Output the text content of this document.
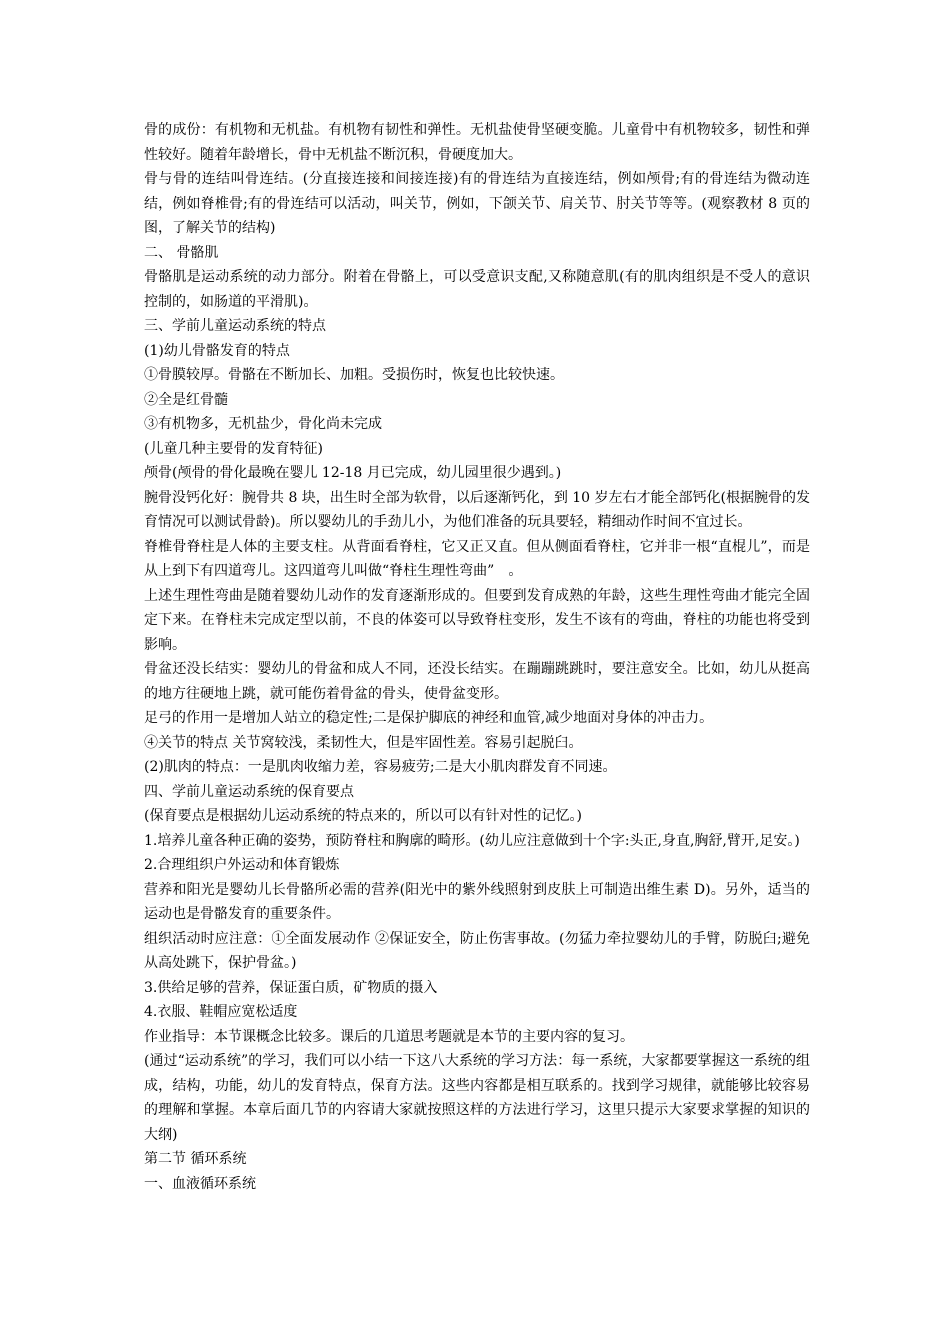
骨的成份：有机物和无机盐。有机物有韧性和弹性。无机盐使骨坚硬变脆。儿童骨中有机物较多，韧性和弹性较好。随着年龄增长，骨中无机盐不断沉积，骨硬度加大。

骨与骨的连结叫骨连结。(分直接连接和间接连接)有的骨连结为直接连结，例如颅骨;有的骨连结为微动连结，例如脊椎骨;有的骨连结可以活动，叫关节，例如，下颌关节、肩关节、肘关节等等。(观察教材 8 页的图，了解关节的结构)

二、 骨骼肌

骨骼肌是运动系统的动力部分。附着在骨骼上，可以受意识支配,又称随意肌(有的肌肉组织是不受人的意识控制的，如肠道的平滑肌)。

三、学前儿童运动系统的特点

(1)幼儿骨骼发育的特点

①骨膜较厚。骨骼在不断加长、加粗。受损伤时，恢复也比较快速。

②全是红骨髓

③有机物多，无机盐少，骨化尚未完成

(儿童几种主要骨的发育特征)

颅骨(颅骨的骨化最晚在婴儿 12-18 月已完成，幼儿园里很少遇到。)

腕骨没钙化好：腕骨共 8 块，出生时全部为软骨，以后逐渐钙化，到 10 岁左右才能全部钙化(根据腕骨的发育情况可以测试骨龄)。所以婴幼儿的手劲儿小，为他们准备的玩具要轻，精细动作时间不宜过长。

脊椎骨脊柱是人体的主要支柱。从背面看脊柱，它又正又直。但从侧面看脊柱，它并非一根“直棍儿”，而是从上到下有四道弯儿。这四道弯儿叫做“脊柱生理性弯曲”　。

上述生理性弯曲是随着婴幼儿动作的发育逐渐形成的。但要到发育成熟的年龄，这些生理性弯曲才能完全固定下来。在脊柱未完成定型以前，不良的体姿可以导致脊柱变形，发生不该有的弯曲，脊柱的功能也将受到影响。

骨盆还没长结实：婴幼儿的骨盆和成人不同，还没长结实。在蹦蹦跳跳时，要注意安全。比如，幼儿从挺高的地方往硬地上跳，就可能伤着骨盆的骨头，使骨盆变形。

足弓的作用一是增加人站立的稳定性;二是保护脚底的神经和血管,减少地面对身体的冲击力。

④关节的特点 关节窝较浅，柔韧性大，但是牢固性差。容易引起脱臼。

(2)肌肉的特点：一是肌肉收缩力差，容易疲劳;二是大小肌肉群发育不同速。

四、学前儿童运动系统的保育要点

(保育要点是根据幼儿运动系统的特点来的，所以可以有针对性的记忆。)

1.培养儿童各种正确的姿势，预防脊柱和胸廓的畸形。(幼儿应注意做到十个字:头正,身直,胸舒,臂开,足安。)

2.合理组织户外运动和体育锻炼

营养和阳光是婴幼儿长骨骼所必需的营养(阳光中的紫外线照射到皮肤上可制造出维生素 D)。另外，适当的运动也是骨骼发育的重要条件。

组织活动时应注意：①全面发展动作 ②保证安全，防止伤害事故。(勿猛力牵拉婴幼儿的手臂，防脱臼;避免从高处跳下，保护骨盆。)

3.供给足够的营养，保证蛋白质，矿物质的摄入

4.衣服、鞋帽应宽松适度

作业指导：本节课概念比较多。课后的几道思考题就是本节的主要内容的复习。

(通过“运动系统”的学习，我们可以小结一下这八大系统的学习方法：每一系统，大家都要掌握这一系统的组成，结构，功能，幼儿的发育特点，保育方法。这些内容都是相互联系的。找到学习规律，就能够比较容易的理解和掌握。本章后面几节的内容请大家就按照这样的方法进行学习，这里只提示大家要求掌握的知识的大纲)

第二节 循环系统

一、血液循环系统
